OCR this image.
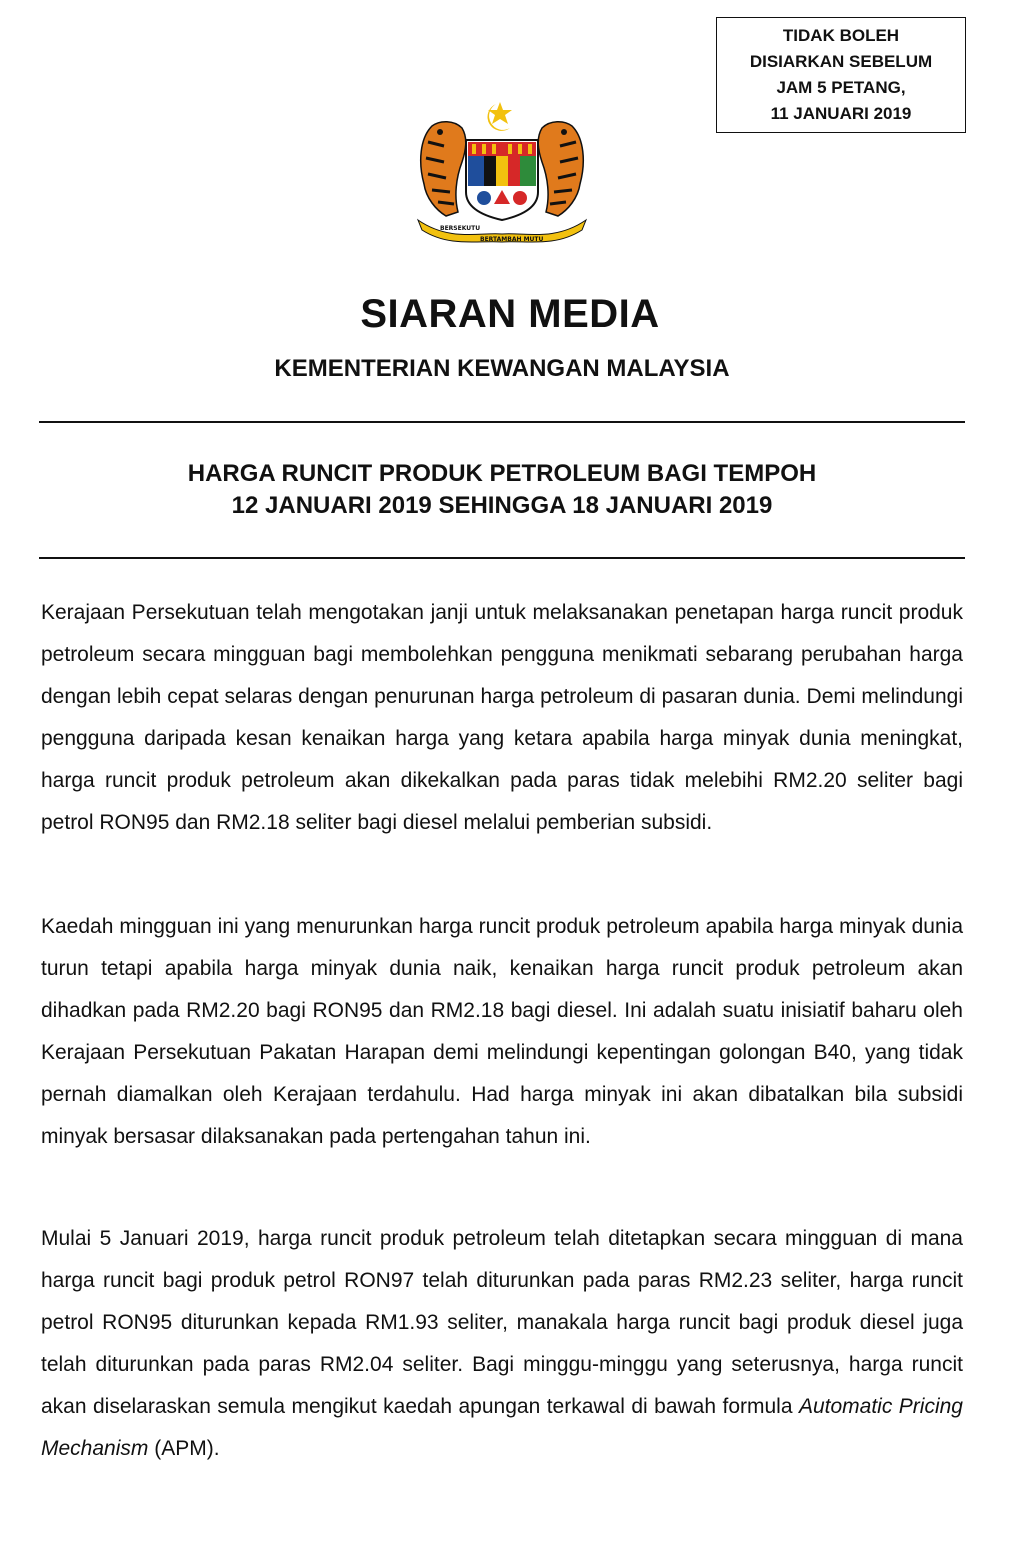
TIDAK BOLEH
DISIARKAN SEBELUM
JAM 5 PETANG,
11 JANUARI 2019
BERSEKUTU
BERTAMBAH MUTU
SIARAN MEDIA
KEMENTERIAN KEWANGAN MALAYSIA
HARGA RUNCIT PRODUK PETROLEUM BAGI TEMPOH
12 JANUARI 2019 SEHINGGA 18 JANUARI 2019

Kerajaan Persekutuan telah mengotakan janji untuk melaksanakan penetapan harga runcit produk petroleum secara mingguan bagi membolehkan pengguna menikmati sebarang perubahan harga dengan lebih cepat selaras dengan penurunan harga petroleum di pasaran dunia. Demi melindungi pengguna daripada kesan kenaikan harga yang ketara apabila harga minyak dunia meningkat, harga runcit produk petroleum akan dikekalkan pada paras tidak melebihi RM2.20 seliter bagi petrol RON95 dan RM2.18 seliter bagi diesel melalui pemberian subsidi.

Kaedah mingguan ini yang menurunkan harga runcit produk petroleum apabila harga minyak dunia turun tetapi apabila harga minyak dunia naik, kenaikan harga runcit produk petroleum akan dihadkan pada RM2.20 bagi RON95 dan RM2.18 bagi diesel. Ini adalah suatu inisiatif baharu oleh Kerajaan Persekutuan Pakatan Harapan demi melindungi kepentingan golongan B40, yang tidak pernah diamalkan oleh Kerajaan terdahulu. Had harga minyak ini akan dibatalkan bila subsidi minyak bersasar dilaksanakan pada pertengahan tahun ini.

Mulai 5 Januari 2019, harga runcit produk petroleum telah ditetapkan secara mingguan di mana harga runcit bagi produk petrol RON97 telah diturunkan pada paras RM2.23 seliter, harga runcit petrol RON95 diturunkan kepada RM1.93 seliter, manakala harga runcit bagi produk diesel juga telah diturunkan pada paras RM2.04 seliter. Bagi minggu-minggu yang seterusnya, harga runcit akan diselaraskan semula mengikut kaedah apungan terkawal di bawah formula Automatic Pricing Mechanism (APM).
